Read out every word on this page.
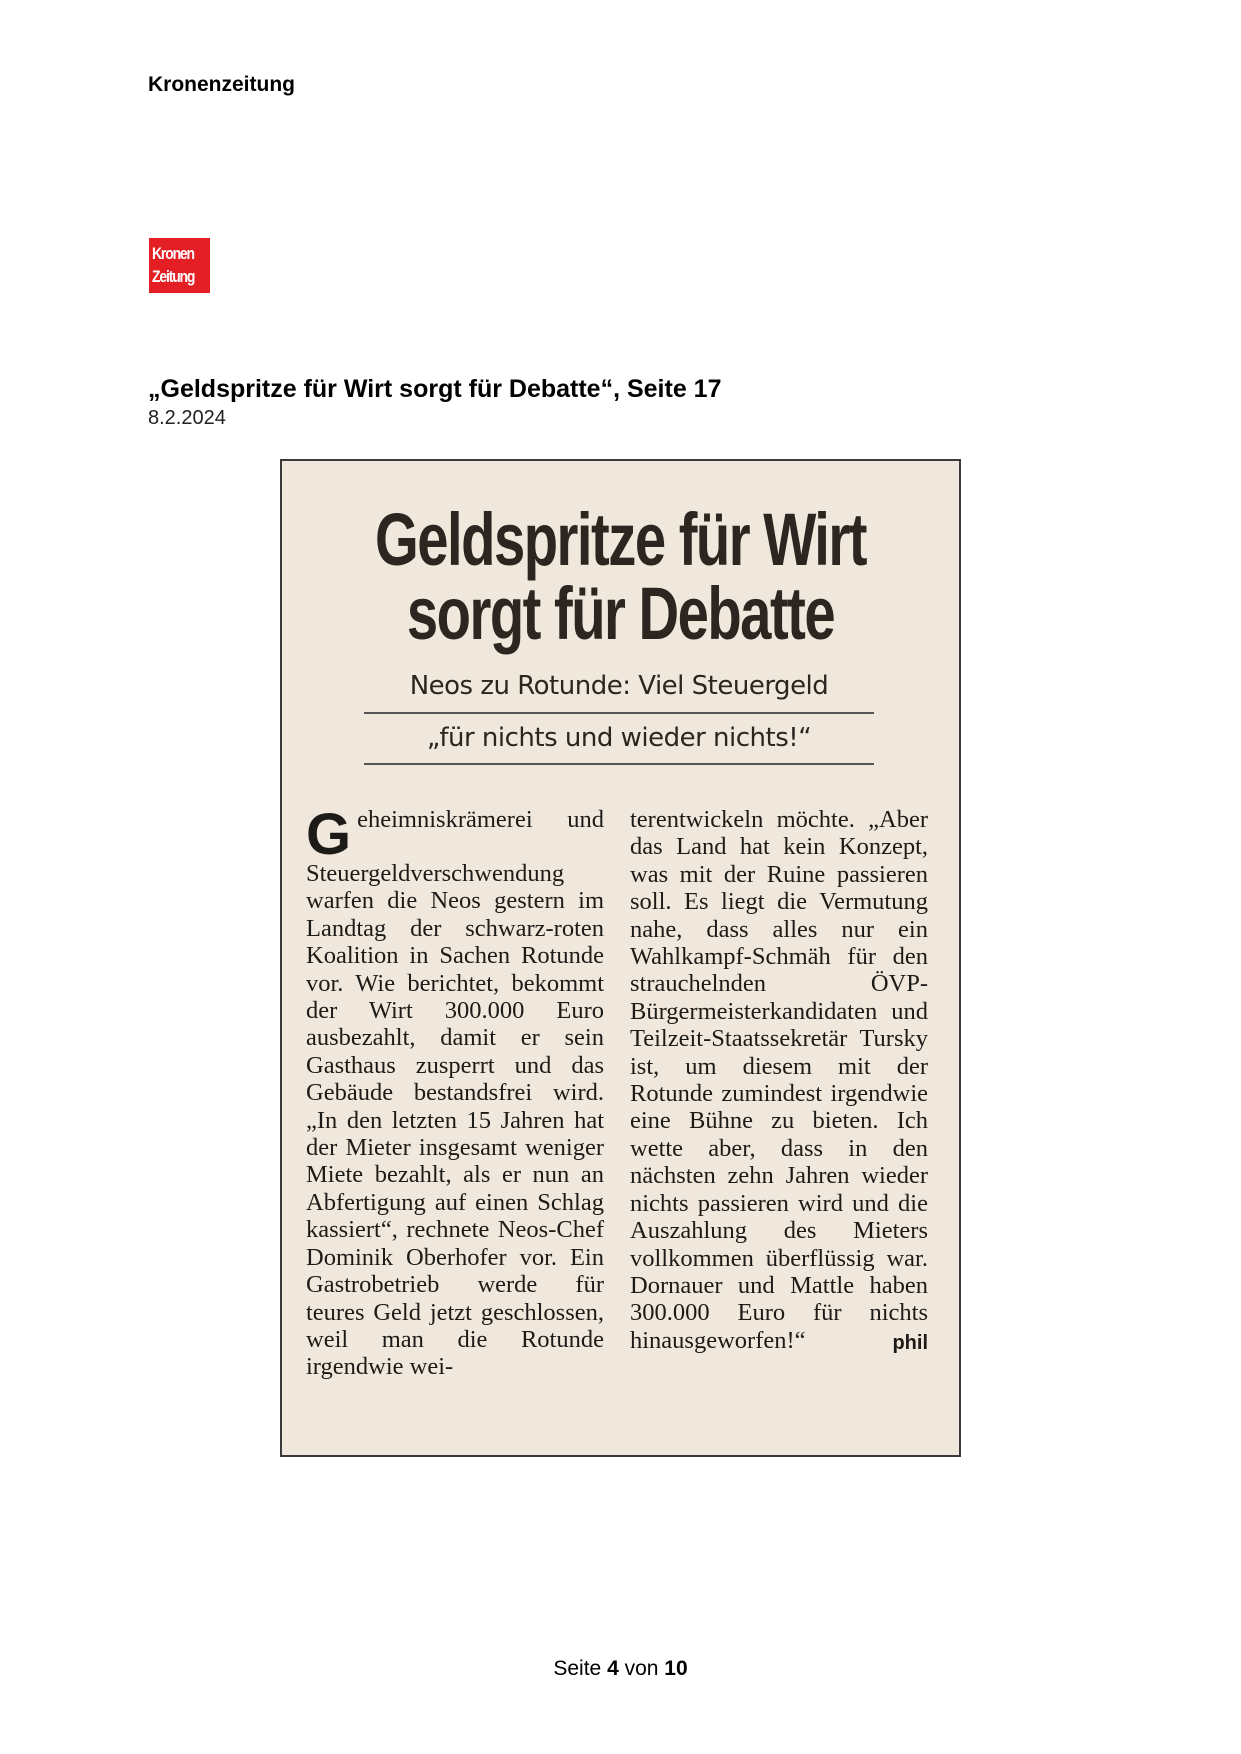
Kronenzeitung
Kronen
Zeitung
„Geldspritze für Wirt sorgt für Debatte“, Seite 17
8.2.2024
Geldspritze für Wirt
sorgt für Debatte
Neos zu Rotunde: Viel Steuergeld
„für nichts und wieder nichts!“

G eheimniskrämerei und Steuergeldverschwendung warfen die Neos gestern im Landtag der schwarz-roten Koalition in Sachen Rotunde vor. Wie berichtet, bekommt der Wirt 300.000 Euro ausbezahlt, damit er sein Gasthaus zusperrt und das Gebäude bestandsfrei wird. „In den letzten 15 Jahren hat der Mieter insgesamt weniger Miete bezahlt, als er nun an Abfertigung auf einen Schlag kassiert“, rechnete Neos-Chef Dominik Oberhofer vor. Ein Gastrobetrieb werde für teures Geld jetzt geschlossen, weil man die Rotunde irgendwie wei-

terentwickeln möchte. „Aber das Land hat kein Konzept, was mit der Ruine passieren soll. Es liegt die Vermutung nahe, dass alles nur ein Wahlkampf-Schmäh für den strauchelnden ÖVP-Bürgermeisterkandidaten und Teilzeit-Staatssekretär Tursky ist, um diesem mit der Rotunde zumindest irgendwie eine Bühne zu bieten. Ich wette aber, dass in den nächsten zehn Jahren wieder nichts passieren wird und die Auszahlung des Mieters vollkommen überflüssig war. Dornauer und Mattle haben 300.000 Euro für nichts hinausgeworfen!“	phil

Seite 4 von 10
